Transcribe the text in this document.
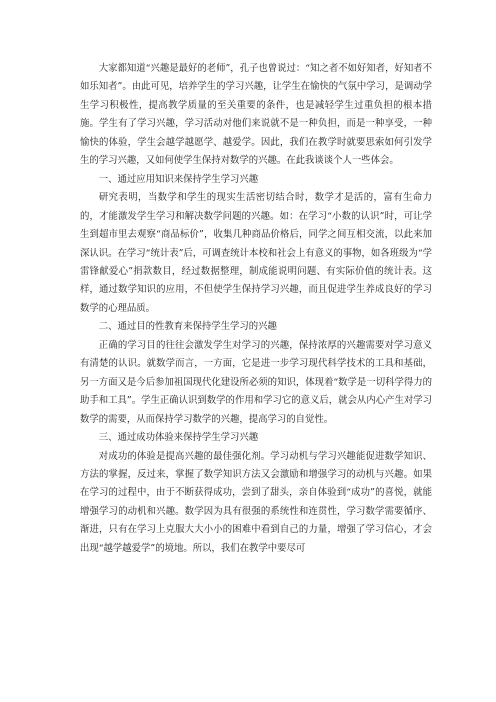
大家都知道“兴趣是最好的老师”，孔子也曾说过：“知之者不如好知者，好知者不如乐知者”。由此可见，培养学生的学习兴趣，让学生在愉快的气氛中学习，是调动学生学习积极性，提高教学质量的至关重要的条件，也是减轻学生过重负担的根本措施。学生有了学习兴趣，学习活动对他们来说就不是一种负担，而是一种享受，一种愉快的体验，学生会越学越愿学、越爱学。因此，我们在教学时就要思索如何引发学生的学习兴趣，又如何使学生保持对数学的兴趣。在此我谈谈个人一些体会。

一、通过应用知识来保持学生学习兴趣

研究表明，当数学和学生的现实生活密切结合时，数学才是活的，富有生命力的，才能激发学生学习和解决数学问题的兴趣。如：在学习“小数的认识”时，可让学生到超市里去观察“商品标价”，收集几种商品价格后，同学之间互相交流，以此来加深认识。在学习“统计表”后，可调查统计本校和社会上有意义的事物，如各班级为“学雷锋献爱心”捐款数目，经过数据整理，制成能说明问题、有实际价值的统计表。这样，通过数学知识的应用，不但使学生保持学习兴趣，而且促进学生养成良好的学习数学的心理品质。

二、通过目的性教育来保持学生学习的兴趣

正确的学习目的往往会激发学生对学习的兴趣，保持浓厚的兴趣需要对学习意义有清楚的认识。就数学而言，一方面，它是进一步学习现代科学技术的工具和基础，另一方面又是今后参加祖国现代化建设所必须的知识，体现着“数学是一切科学得力的助手和工具”。学生正确认识到数学的作用和学习它的意义后，就会从内心产生对学习数学的需要，从而保持学习数学的兴趣，提高学习的自觉性。

三、通过成功体验来保持学生学习兴趣

对成功的体验是提高兴趣的最佳强化剂。学习动机与学习兴趣能促进数学知识、方法的掌握，反过来，掌握了数学知识方法又会激励和增强学习的动机与兴趣。如果在学习的过程中，由于不断获得成功，尝到了甜头，亲自体验到“成功”的喜悦，就能增强学习的动机和兴趣。数学因为具有很强的系统性和连贯性，学习数学需要循序、渐进，只有在学习上克服大大小小的困难中看到自己的力量，增强了学习信心，才会出现“越学越爱学”的境地。所以，我们在教学中要尽可
